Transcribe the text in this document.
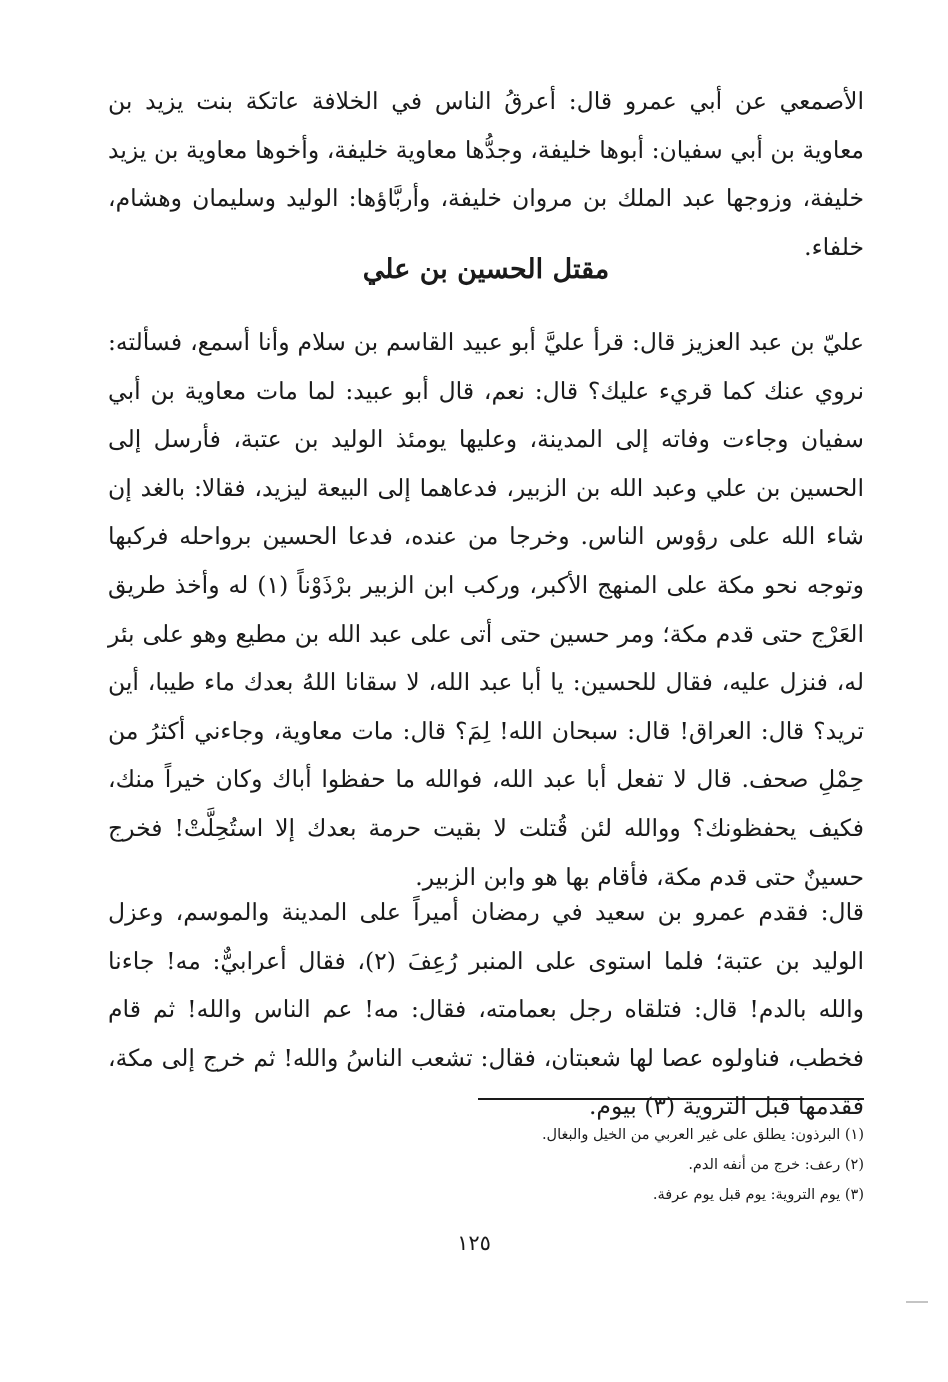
الأصمعي عن أبي عمرو قال: أعرقُ الناس في الخلافة عاتكة بنت يزيد بن معاوية بن أبي سفيان: أبوها خليفة، وجدُّها معاوية خليفة، وأخوها معاوية بن يزيد خليفة، وزوجها عبد الملك بن مروان خليفة، وأربَّاؤها: الوليد وسليمان وهشام، خلفاء.

مقتل الحسين بن علي

عليّ بن عبد العزيز قال: قرأ عليَّ أبو عبيد القاسم بن سلام وأنا أسمع، فسألته: نروي عنك كما قريء عليك؟ قال: نعم، قال أبو عبيد: لما مات معاوية بن أبي سفيان وجاءت وفاته إلى المدينة، وعليها يومئذ الوليد بن عتبة، فأرسل إلى الحسين بن علي وعبد الله بن الزبير، فدعاهما إلى البيعة ليزيد، فقالا: بالغد إن شاء الله على رؤوس الناس. وخرجا من عنده، فدعا الحسين برواحله فركبها وتوجه نحو مكة على المنهج الأكبر، وركب ابن الزبير برْذَوْناً (١) له وأخذ طريق العَرْج حتى قدم مكة؛ ومر حسين حتى أتى على عبد الله بن مطيع وهو على بئر له، فنزل عليه، فقال للحسين: يا أبا عبد الله، لا سقانا اللهُ بعدك ماء طيبا، أين تريد؟ قال: العراق! قال: سبحان الله! لِمَ؟ قال: مات معاوية، وجاءني أكثرُ من حِمْلِ صحف. قال لا تفعل أبا عبد الله، فوالله ما حفظوا أباك وكان خيراً منك، فكيف يحفظونك؟ ووالله لئن قُتلت لا بقيت حرمة بعدك إلا استُحِلَّتْ! فخرج حسينٌ حتى قدم مكة، فأقام بها هو وابن الزبير.

قال: فقدم عمرو بن سعيد في رمضان أميراً على المدينة والموسم، وعزل الوليد بن عتبة؛ فلما استوى على المنبر رُعِفَ (٢)، فقال أعرابيٌّ: مه! جاءنا والله بالدم! قال: فتلقاه رجل بعمامته، فقال: مه! عم الناس والله! ثم قام فخطب، فناولوه عصا لها شعبتان، فقال: تشعب الناسُ والله! ثم خرج إلى مكة، فقدمها قبل التروية (٣) بيوم.

(١) البرذون: يطلق على غير العربي من الخيل والبغال.

(٢) رعف: خرج من أنفه الدم.

(٣) يوم التروية: يوم قبل يوم عرفة.

١٢٥
